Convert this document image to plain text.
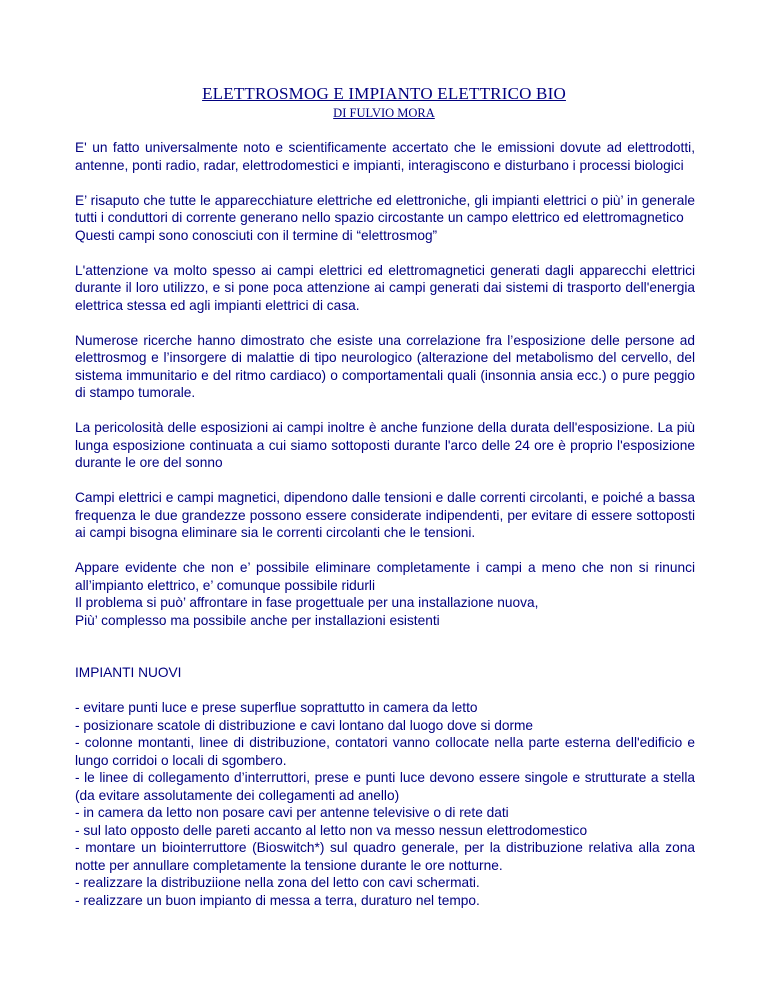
ELETTROSMOG E IMPIANTO ELETTRICO BIO
DI FULVIO MORA

E' un fatto universalmente noto e scientificamente accertato che le emissioni dovute ad elettrodotti, antenne, ponti radio, radar, elettrodomestici e impianti, interagiscono e disturbano i processi biologici

E’ risaputo che tutte le apparecchiature elettriche ed elettroniche, gli impianti elettrici o più’ in generale tutti i conduttori di corrente generano nello spazio circostante un campo elettrico ed elettromagnetico
Questi campi sono conosciuti con il termine di “elettrosmog”

L'attenzione va molto spesso ai campi elettrici ed elettromagnetici generati dagli apparecchi elettrici durante il loro utilizzo, e si pone poca attenzione ai campi generati dai sistemi di trasporto dell'energia elettrica stessa ed agli impianti elettrici di casa.

Numerose ricerche hanno dimostrato che esiste una correlazione fra l’esposizione delle persone ad elettrosmog e l’insorgere di malattie di tipo neurologico (alterazione del metabolismo del cervello, del sistema immunitario e del ritmo cardiaco) o comportamentali quali (insonnia ansia ecc.) o pure peggio di stampo tumorale.

La pericolosità delle esposizioni ai campi inoltre è anche funzione della durata dell'esposizione. La più lunga esposizione continuata a cui siamo sottoposti durante l'arco delle 24 ore è proprio l'esposizione durante le ore del sonno

Campi elettrici e campi magnetici, dipendono dalle tensioni e dalle correnti circolanti, e poiché a bassa frequenza le due grandezze possono essere considerate indipendenti, per evitare di essere sottoposti ai campi bisogna eliminare sia le correnti circolanti che le tensioni.

Appare evidente che non e’ possibile eliminare completamente i campi a meno che non si rinunci all’impianto elettrico, e’ comunque possibile ridurli
Il problema si può’ affrontare in fase progettuale per una installazione nuova,
Più’ complesso ma possibile anche per installazioni esistenti
IMPIANTI NUOVI
- evitare punti luce e prese superflue soprattutto in camera da letto
- posizionare scatole di distribuzione e cavi lontano dal luogo dove si dorme
- colonne montanti, linee di distribuzione, contatori vanno collocate nella parte esterna dell'edificio e lungo corridoi o locali di sgombero.
- le linee di collegamento d’interruttori, prese e punti luce devono essere singole e strutturate a stella (da evitare assolutamente dei collegamenti ad anello)
- in camera da letto non posare cavi per antenne televisive o di rete dati
- sul lato opposto delle pareti accanto al letto non va messo nessun elettrodomestico
- montare un biointerruttore (Bioswitch*) sul quadro generale, per la distribuzione relativa alla zona notte per annullare completamente la tensione durante le ore notturne.
- realizzare la distribuziione nella zona del letto con cavi schermati.
- realizzare un buon impianto di messa a terra, duraturo nel tempo.
